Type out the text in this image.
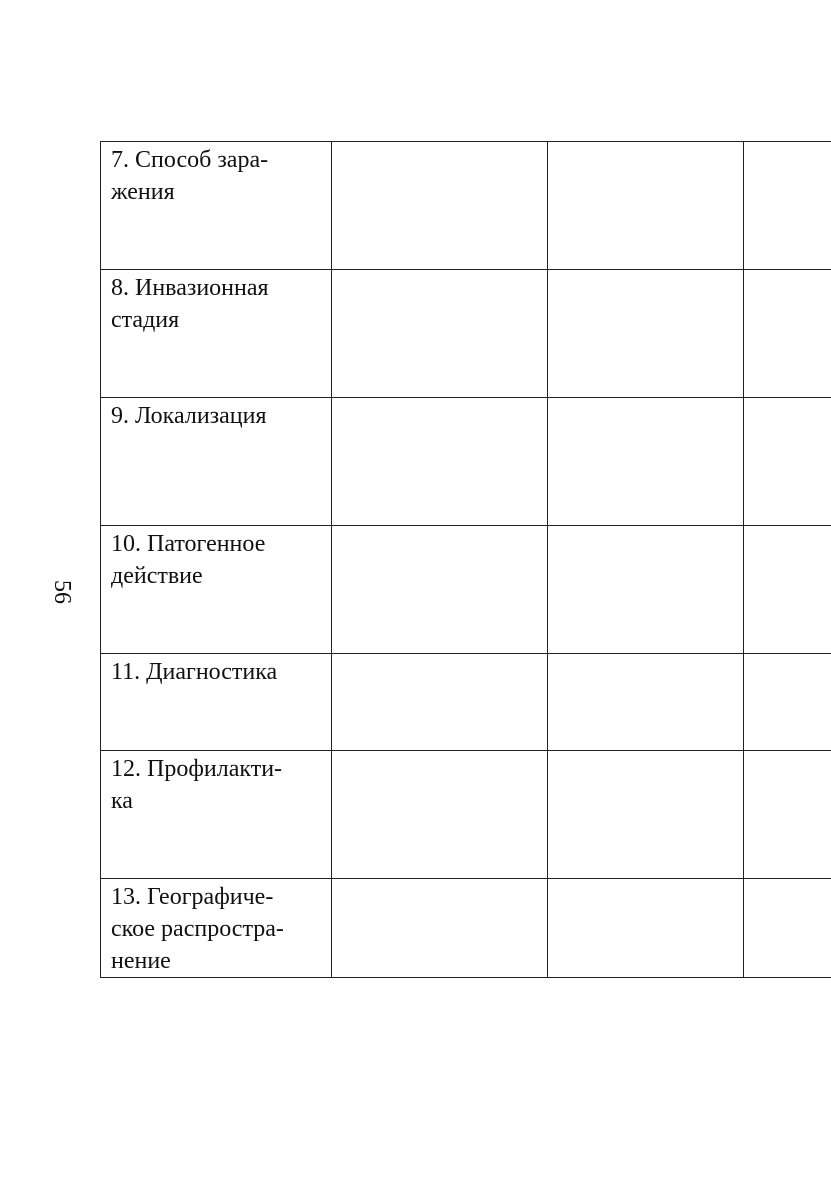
56
7. Способ зара-
жения			

8. Инвазионная
стадия			

9. Локализация			

10. Патогенное
действие			

11. Диагностика			

12. Профилакти-
ка			

13. Географиче-
ское распростра-
нение			
